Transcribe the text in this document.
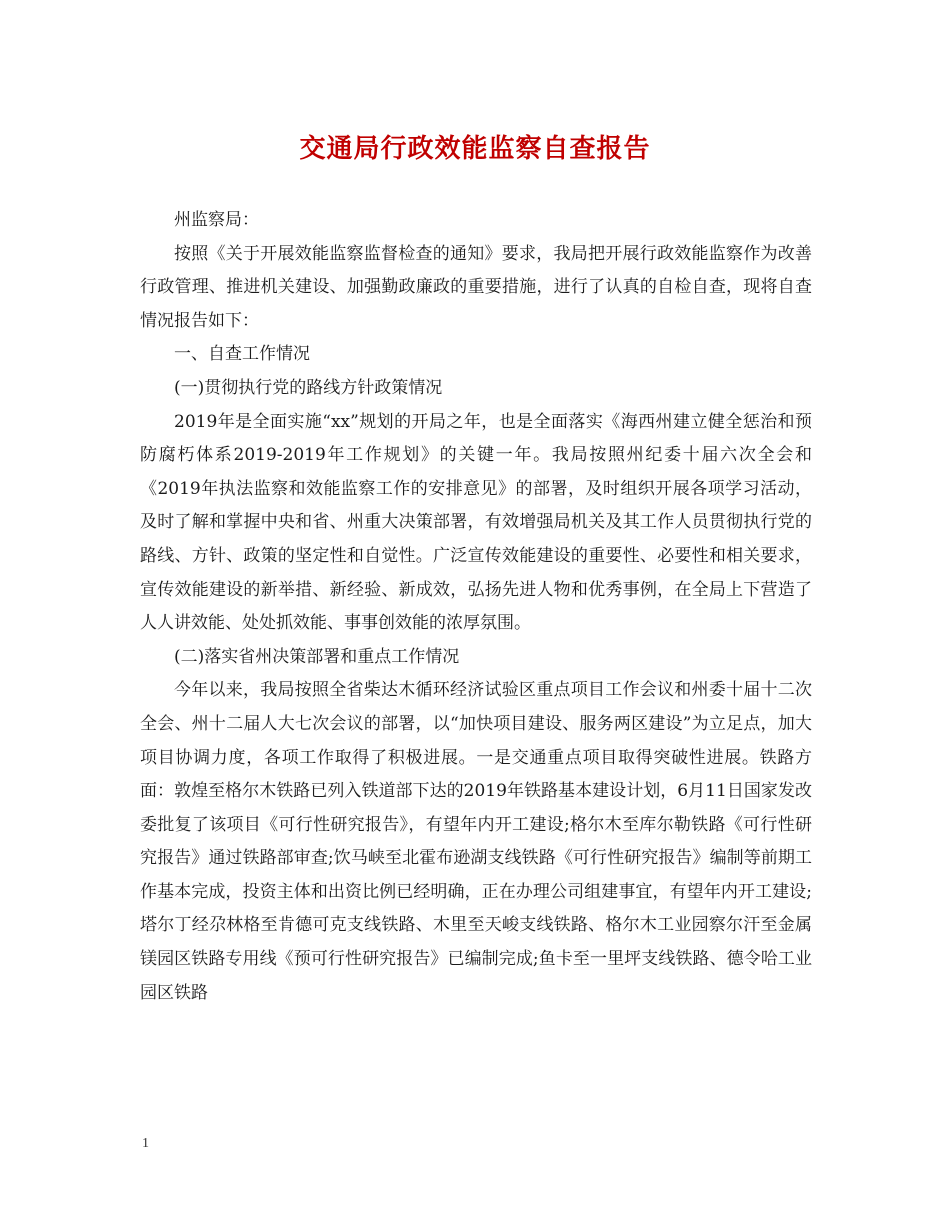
交通局行政效能监察自查报告

州监察局：

按照《关于开展效能监察监督检查的通知》要求，我局把开展行政效能监察作为改善行政管理、推进机关建设、加强勤政廉政的重要措施，进行了认真的自检自查，现将自查情况报告如下：

一、自查工作情况

(一)贯彻执行党的路线方针政策情况

2019年是全面实施“xx”规划的开局之年，也是全面落实《海西州建立健全惩治和预防腐朽体系2019-2019年工作规划》的关键一年。我局按照州纪委十届六次全会和《2019年执法监察和效能监察工作的安排意见》的部署，及时组织开展各项学习活动，及时了解和掌握中央和省、州重大决策部署，有效增强局机关及其工作人员贯彻执行党的路线、方针、政策的坚定性和自觉性。广泛宣传效能建设的重要性、必要性和相关要求，宣传效能建设的新举措、新经验、新成效，弘扬先进人物和优秀事例，在全局上下营造了人人讲效能、处处抓效能、事事创效能的浓厚氛围。

(二)落实省州决策部署和重点工作情况

今年以来，我局按照全省柴达木循环经济试验区重点项目工作会议和州委十届十二次全会、州十二届人大七次会议的部署，以“加快项目建设、服务两区建设”为立足点，加大项目协调力度，各项工作取得了积极进展。一是交通重点项目取得突破性进展。铁路方面：敦煌至格尔木铁路已列入铁道部下达的2019年铁路基本建设计划，6月11日国家发改委批复了该项目《可行性研究报告》，有望年内开工建设;格尔木至库尔勒铁路《可行性研究报告》通过铁路部审查;饮马峡至北霍布逊湖支线铁路《可行性研究报告》编制等前期工作基本完成，投资主体和出资比例已经明确，正在办理公司组建事宜，有望年内开工建设;塔尔丁经尕林格至肯德可克支线铁路、木里至天峻支线铁路、格尔木工业园察尔汗至金属镁园区铁路专用线《预可行性研究报告》已编制完成;鱼卡至一里坪支线铁路、德令哈工业园区铁路

1
